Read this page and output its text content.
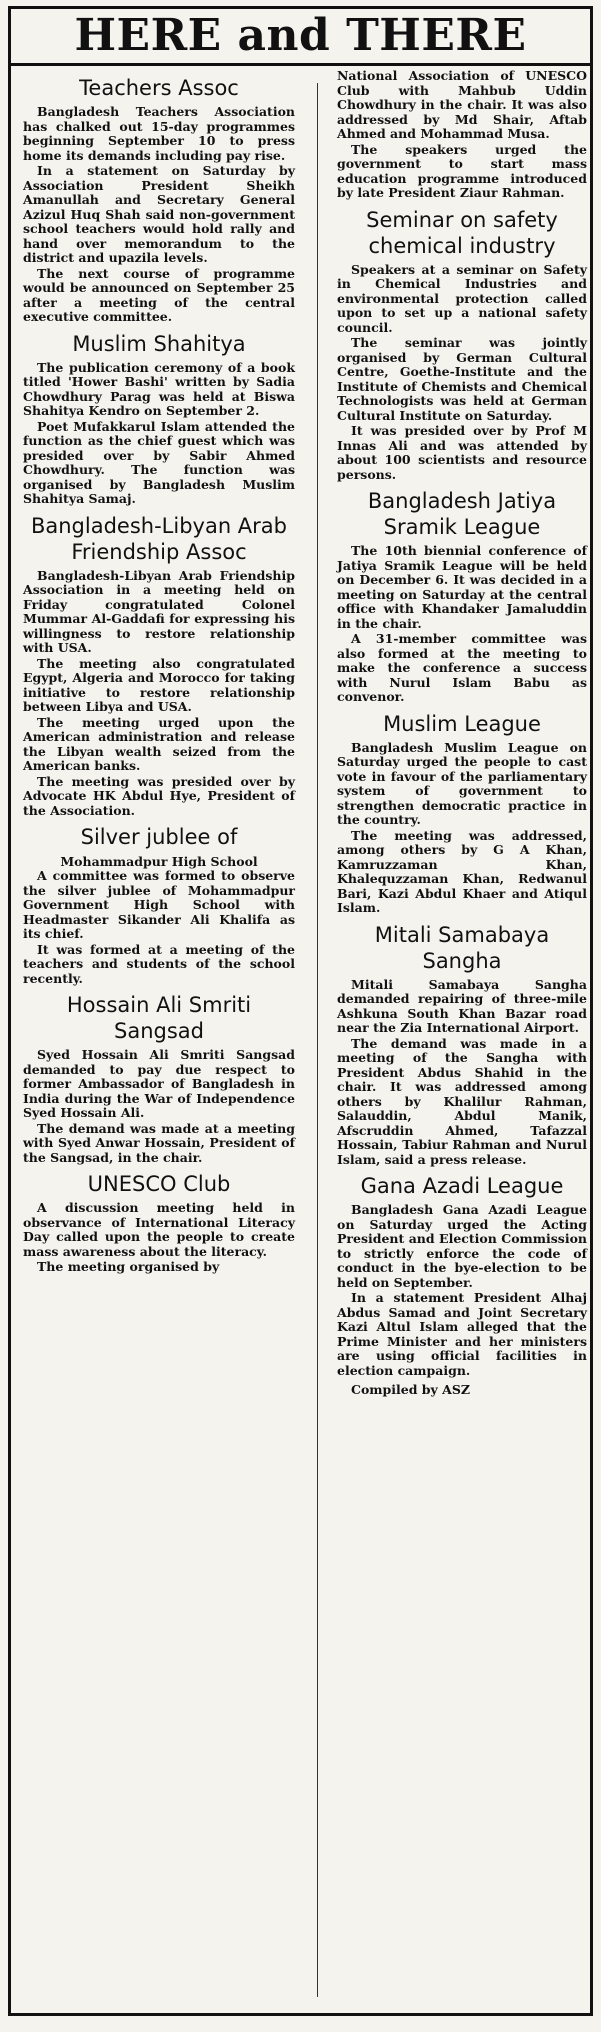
HERE and THERE
Teachers Assoc

Bangladesh Teachers Association has chalked out 15-day programmes beginning September 10 to press home its demands including pay rise.

In a statement on Saturday by Association President Sheikh Amanullah and Secretary General Azizul Huq Shah said non-government school teachers would hold rally and hand over memorandum to the district and upazila levels.

The next course of programme would be announced on September 25 after a meeting of the central executive committee.

Muslim Shahitya

The publication ceremony of a book titled 'Hower Bashi' written by Sadia Chowdhury Parag was held at Biswa Shahitya Kendro on September 2.

Poet Mufakkarul Islam attended the function as the chief guest which was presided over by Sabir Ahmed Chowdhury. The function was organised by Bangladesh Muslim Shahitya Samaj.

Bangladesh-Libyan Arab Friendship Assoc

Bangladesh-Libyan Arab Friendship Association in a meeting held on Friday congratulated Colonel Mummar Al-Gaddafi for expressing his willingness to restore relationship with USA.

The meeting also congratulated Egypt, Algeria and Morocco for taking initiative to restore relationship between Libya and USA.

The meeting urged upon the American administration and release the Libyan wealth seized from the American banks.

The meeting was presided over by Advocate HK Abdul Hye, President of the Association.

Silver jublee of
Mohammadpur High School

A committee was formed to observe the silver jublee of Mohammadpur Government High School with Headmaster Sikander Ali Khalifa as its chief.

It was formed at a meeting of the teachers and students of the school recently.

Hossain Ali Smriti Sangsad

Syed Hossain Ali Smriti Sangsad demanded to pay due respect to former Ambassador of Bangladesh in India during the War of Independence Syed Hossain Ali.

The demand was made at a meeting with Syed Anwar Hossain, President of the Sangsad, in the chair.

UNESCO Club

A discussion meeting held in observance of International Literacy Day called upon the people to create mass awareness about the literacy.

The meeting organised by

National Association of UNESCO Club with Mahbub Uddin Chowdhury in the chair. It was also addressed by Md Shair, Aftab Ahmed and Mohammad Musa.

The speakers urged the government to start mass education programme introduced by late President Ziaur Rahman.

Seminar on safety chemical industry

Speakers at a seminar on Safety in Chemical Industries and environmental protection called upon to set up a national safety council.

The seminar was jointly organised by German Cultural Centre, Goethe-Institute and the Institute of Chemists and Chemical Technologists was held at German Cultural Institute on Saturday.

It was presided over by Prof M Innas Ali and was attended by about 100 scientists and resource persons.

Bangladesh Jatiya Sramik League

The 10th biennial conference of Jatiya Sramik League will be held on December 6. It was decided in a meeting on Saturday at the central office with Khandaker Jamaluddin in the chair.

A 31-member committee was also formed at the meeting to make the conference a success with Nurul Islam Babu as convenor.

Muslim League

Bangladesh Muslim League on Saturday urged the people to cast vote in favour of the parliamentary system of government to strengthen democratic practice in the country.

The meeting was addressed, among others by G A Khan, Kamruzzaman Khan, Khalequzzaman Khan, Redwanul Bari, Kazi Abdul Khaer and Atiqul Islam.

Mitali Samabaya Sangha

Mitali Samabaya Sangha demanded repairing of three-mile Ashkuna South Khan Bazar road near the Zia International Airport.

The demand was made in a meeting of the Sangha with President Abdus Shahid in the chair. It was addressed among others by Khalilur Rahman, Salauddin, Abdul Manik, Afscruddin Ahmed, Tafazzal Hossain, Tabiur Rahman and Nurul Islam, said a press release.

Gana Azadi League

Bangladesh Gana Azadi League on Saturday urged the Acting President and Election Commission to strictly enforce the code of conduct in the bye-election to be held on September.

In a statement President Alhaj Abdus Samad and Joint Secretary Kazi Altul Islam alleged that the Prime Minister and her ministers are using official facilities in election campaign.

Compiled by ASZ
